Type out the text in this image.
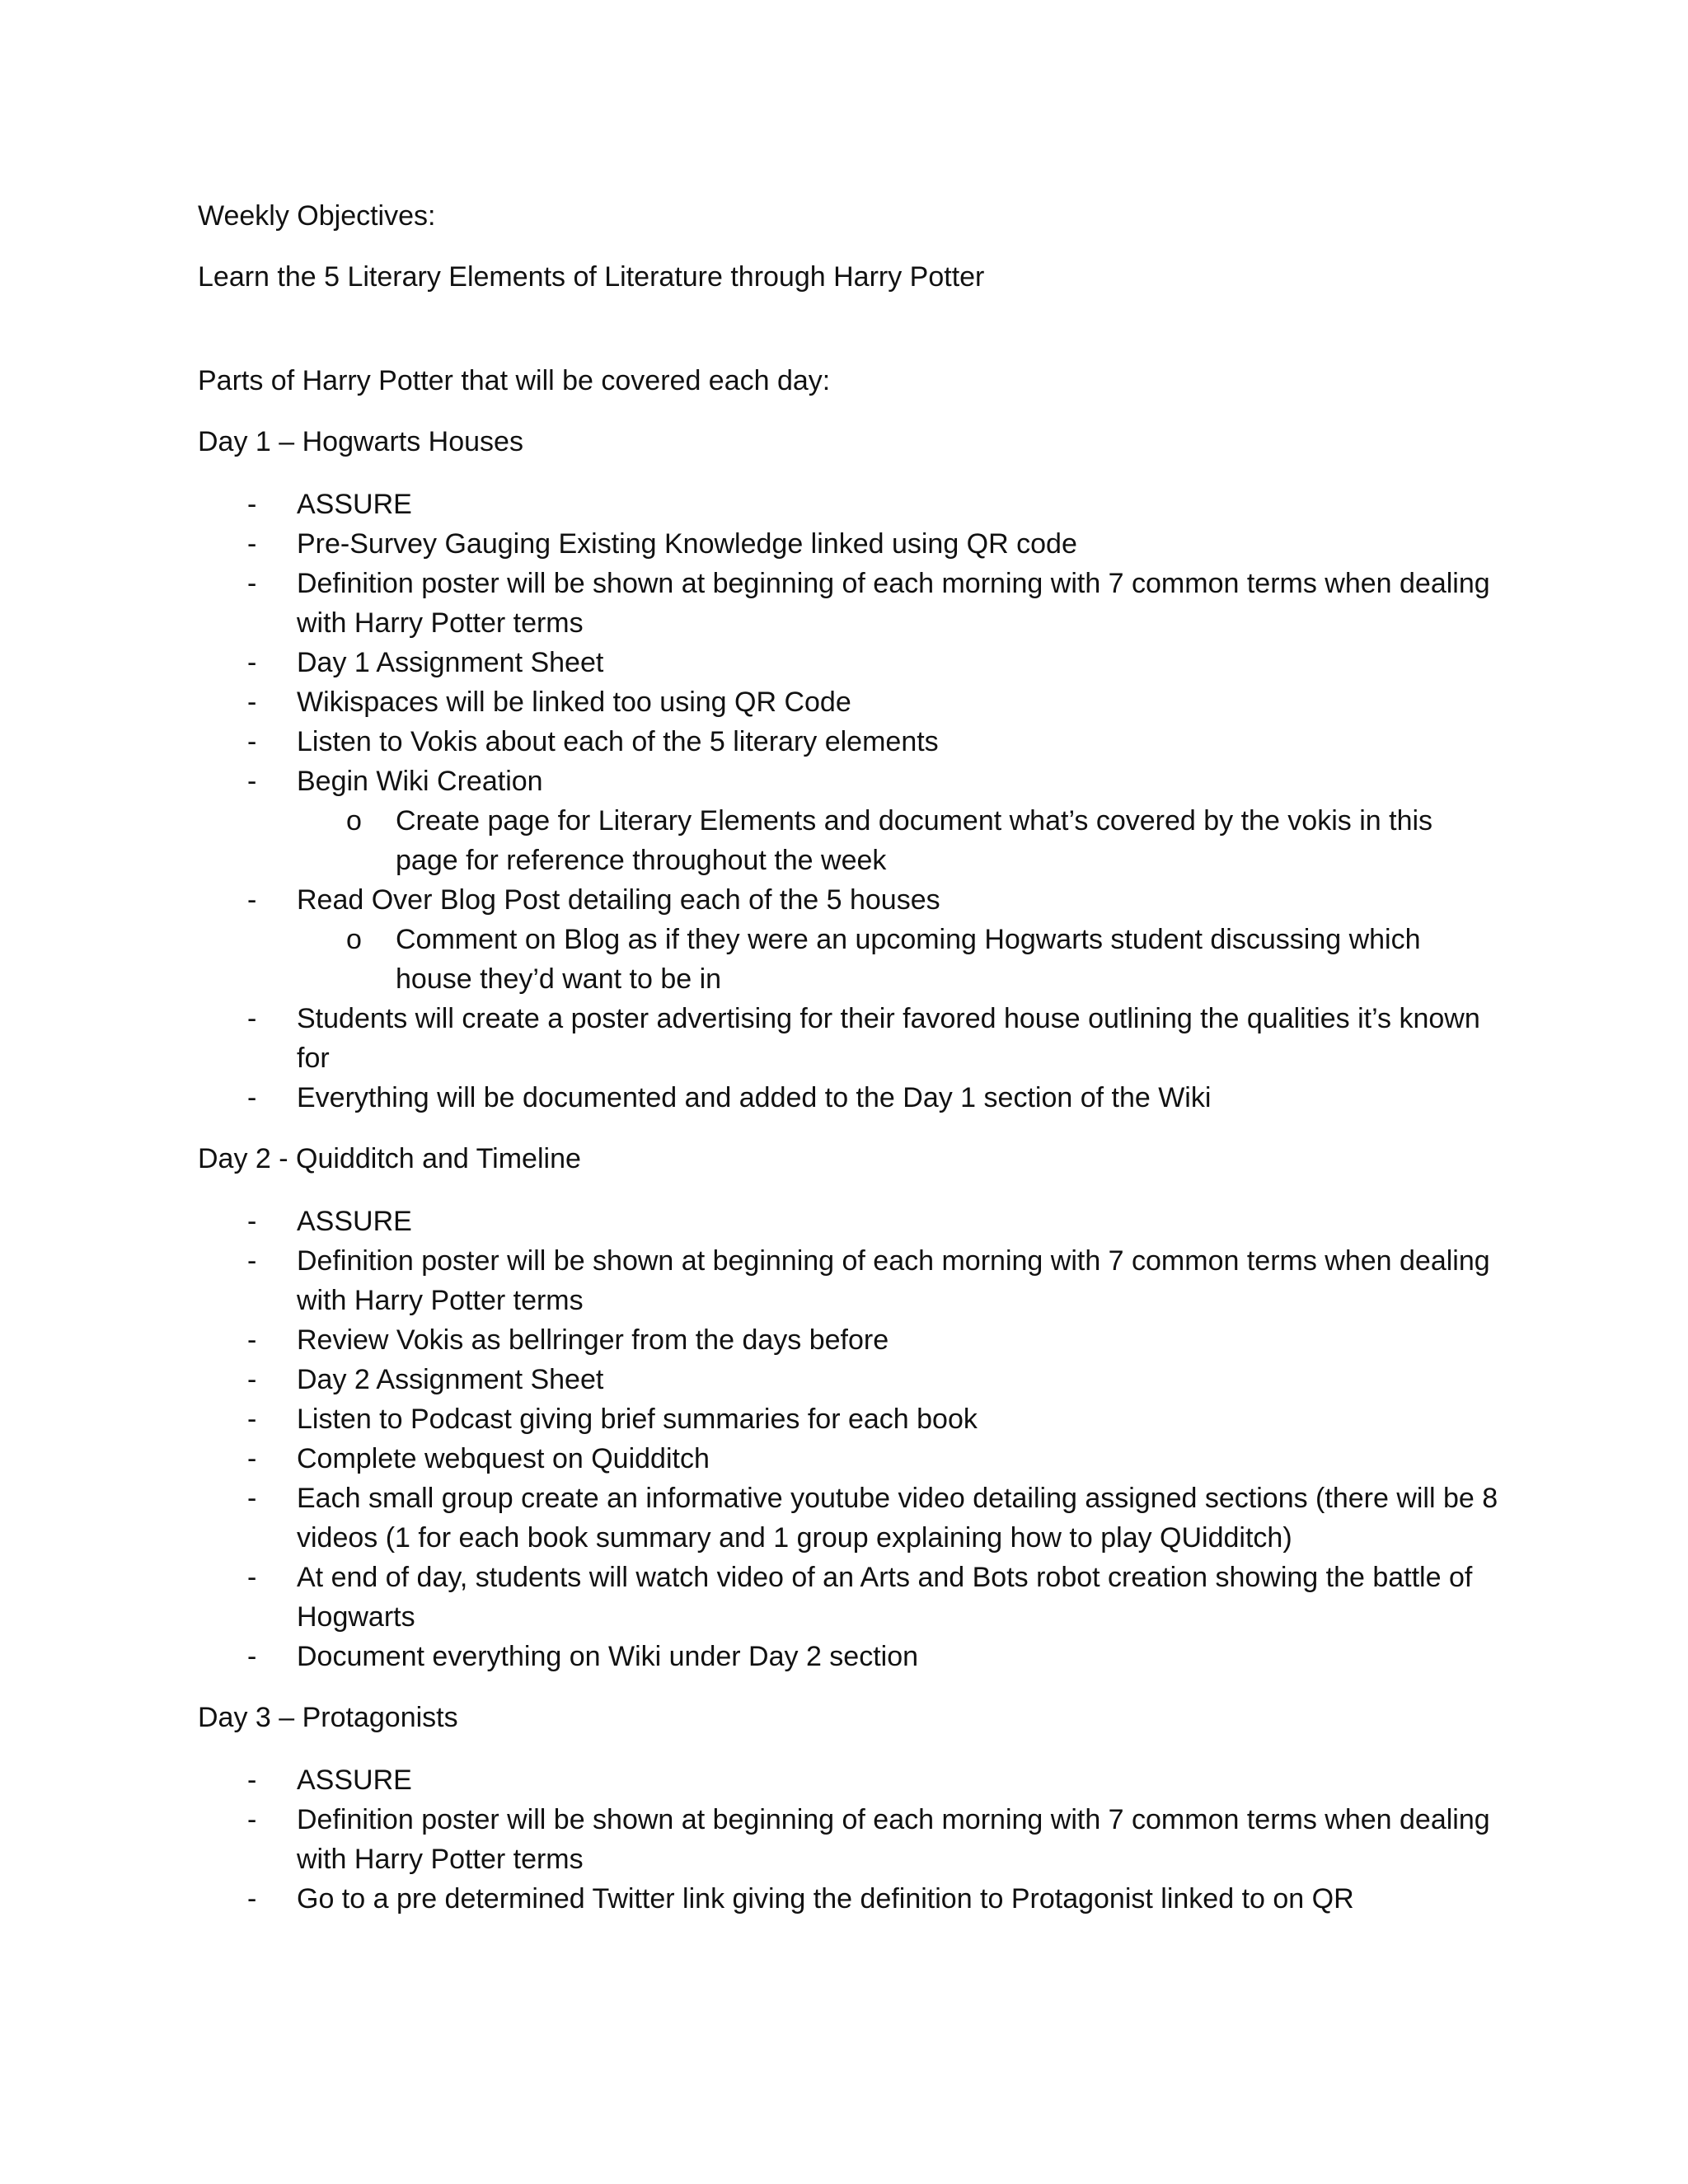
Weekly Objectives:

Learn the 5 Literary Elements of Literature through Harry Potter

Parts of Harry Potter that will be covered each day:

Day 1 – Hogwarts Houses

- ASSURE
- Pre-Survey Gauging Existing Knowledge linked using QR code
- Definition poster will be shown at beginning of each morning with 7 common terms when dealing with Harry Potter terms
- Day 1 Assignment Sheet
- Wikispaces will be linked too using QR Code
- Listen to Vokis about each of the 5 literary elements
- Begin Wiki Creation
o Create page for Literary Elements and document what’s covered by the vokis in this page for reference throughout the week
- Read Over Blog Post detailing each of the 5 houses
o Comment on Blog as if they were an upcoming Hogwarts student discussing which house they’d want to be in
- Students will create a poster advertising for their favored house outlining the qualities it’s known for
- Everything will be documented and added to the Day 1 section of the Wiki

Day 2 - Quidditch and Timeline

- ASSURE
- Definition poster will be shown at beginning of each morning with 7 common terms when dealing with Harry Potter terms
- Review Vokis as bellringer from the days before
- Day 2 Assignment Sheet
- Listen to Podcast giving brief summaries for each book
- Complete webquest on Quidditch
- Each small group create an informative youtube video detailing assigned sections (there will be 8 videos (1 for each book summary and 1 group explaining how to play QUidditch)
- At end of day, students will watch video of an Arts and Bots robot creation showing the battle of Hogwarts
- Document everything on Wiki under Day 2 section

Day 3 – Protagonists

- ASSURE
- Definition poster will be shown at beginning of each morning with 7 common terms when dealing with Harry Potter terms
- Go to a pre determined Twitter link giving the definition to Protagonist linked to on QR
